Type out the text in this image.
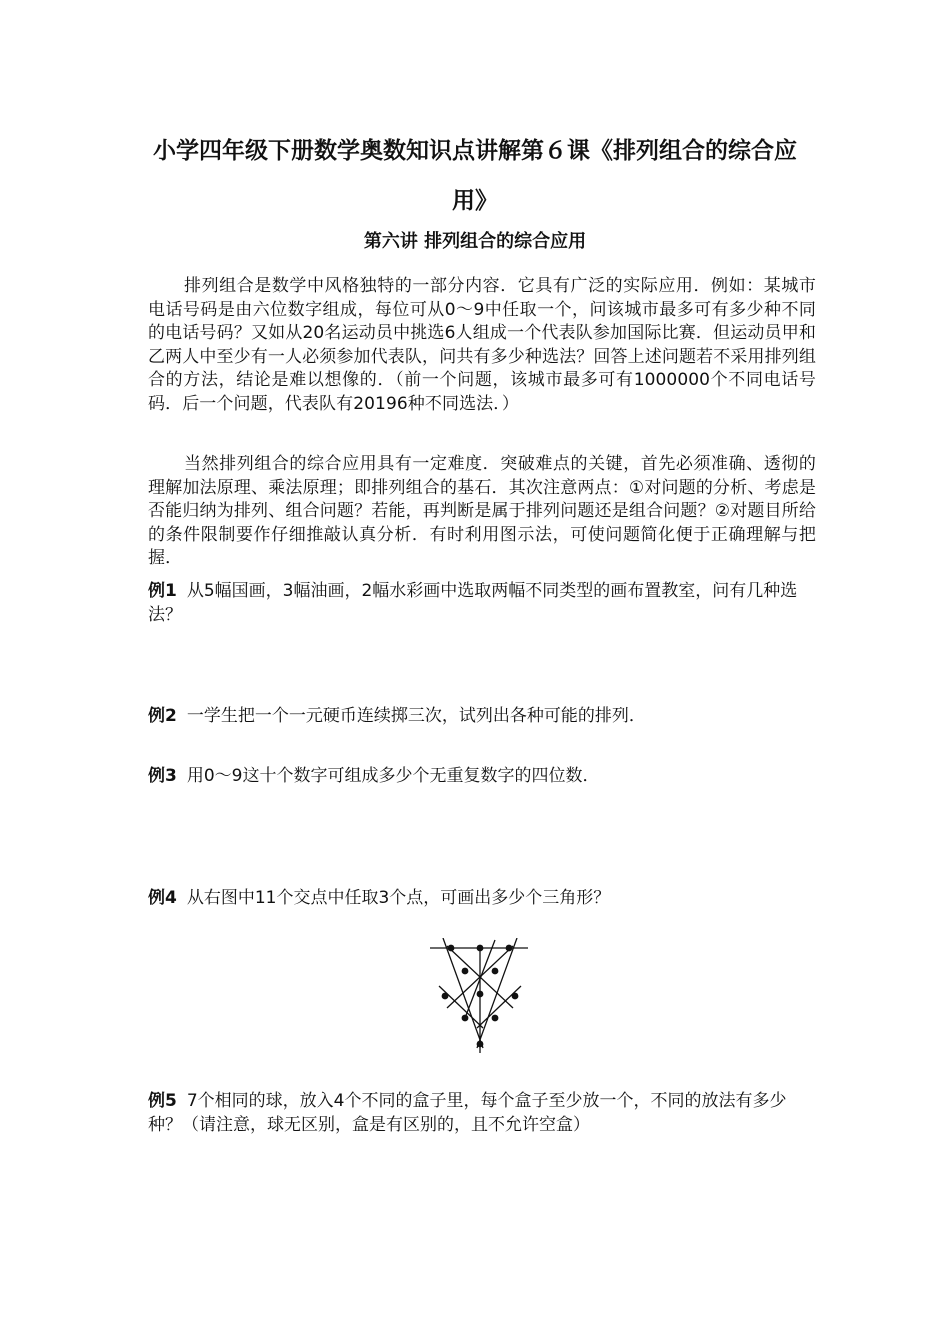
小学四年级下册数学奥数知识点讲解第６课《排列组合的综合应
用》
第六讲 排列组合的综合应用

排列组合是数学中风格独特的一部分内容．它具有广泛的实际应用．例如：某城市电话号码是由六位数字组成，每位可从0～9中任取一个，问该城市最多可有多少种不同的电话号码？又如从20名运动员中挑选6人组成一个代表队参加国际比赛．但运动员甲和乙两人中至少有一人必须参加代表队，问共有多少种选法？回答上述问题若不采用排列组合的方法，结论是难以想像的．（前一个问题，该城市最多可有1000000个不同电话号码．后一个问题，代表队有20196种不同选法．）

当然排列组合的综合应用具有一定难度．突破难点的关键，首先必须准确、透彻的理解加法原理、乘法原理；即排列组合的基石．其次注意两点：①对问题的分析、考虑是否能归纳为排列、组合问题？若能，再判断是属于排列问题还是组合问题？②对题目所给的条件限制要作仔细推敲认真分析．有时利用图示法，可使问题简化便于正确理解与把握．

例1 从5幅国画，3幅油画，2幅水彩画中选取两幅不同类型的画布置教室，问有几种选法？

例2 一学生把一个一元硬币连续掷三次，试列出各种可能的排列．

例3 用0～9这十个数字可组成多少个无重复数字的四位数．

例4 从右图中11个交点中任取3个点，可画出多少个三角形？

例5 7个相同的球，放入4个不同的盒子里，每个盒子至少放一个，不同的放法有多少种？（请注意，球无区别，盒是有区别的，且不允许空盒）
